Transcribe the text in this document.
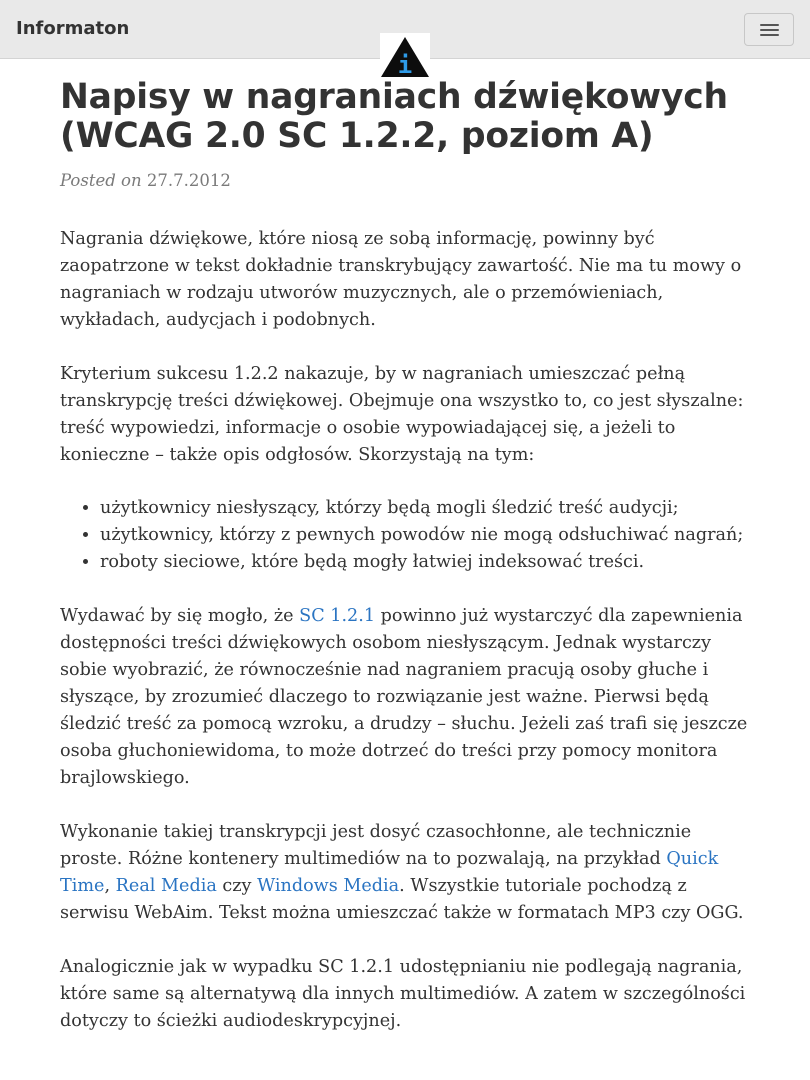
Informaton
i
Napisy w nagraniach dźwiękowych
(WCAG 2.0 SC 1.2.2, poziom A)
Posted on 27.7.2012

Nagrania dźwiękowe, które niosą ze sobą informację, powinny być zaopatrzone w tekst dokładnie transkrybujący zawartość. Nie ma tu mowy o nagraniach w rodzaju utworów muzycznych, ale o przemówieniach, wykładach, audycjach i podobnych.

Kryterium sukcesu 1.2.2 nakazuje, by w nagraniach umieszczać pełną transkrypcję treści dźwiękowej. Obejmuje ona wszystko to, co jest słyszalne: treść wypowiedzi, informacje o osobie wypowiadającej się, a jeżeli to konieczne – także opis odgłosów. Skorzystają na tym:

• użytkownicy niesłyszący, którzy będą mogli śledzić treść audycji;
• użytkownicy, którzy z pewnych powodów nie mogą odsłuchiwać nagrań;
• roboty sieciowe, które będą mogły łatwiej indeksować treści.

Wydawać by się mogło, że SC 1.2.1 powinno już wystarczyć dla zapewnienia dostępności treści dźwiękowych osobom niesłyszącym. Jednak wystarczy sobie wyobrazić, że równocześnie nad nagraniem pracują osoby głuche i słyszące, by zrozumieć dlaczego to rozwiązanie jest ważne. Pierwsi będą śledzić treść za pomocą wzroku, a drudzy – słuchu. Jeżeli zaś trafi się jeszcze osoba głuchoniewidoma, to może dotrzeć do treści przy pomocy monitora brajlowskiego.

Wykonanie takiej transkrypcji jest dosyć czasochłonne, ale technicznie proste. Różne kontenery multimediów na to pozwalają, na przykład Quick Time, Real Media czy Windows Media. Wszystkie tutoriale pochodzą z serwisu WebAim. Tekst można umieszczać także w formatach MP3 czy OGG.

Analogicznie jak w wypadku SC 1.2.1 udostępnianiu nie podlegają nagrania, które same są alternatywą dla innych multimediów. A zatem w szczególności dotyczy to ścieżki audiodeskrypcyjnej.
